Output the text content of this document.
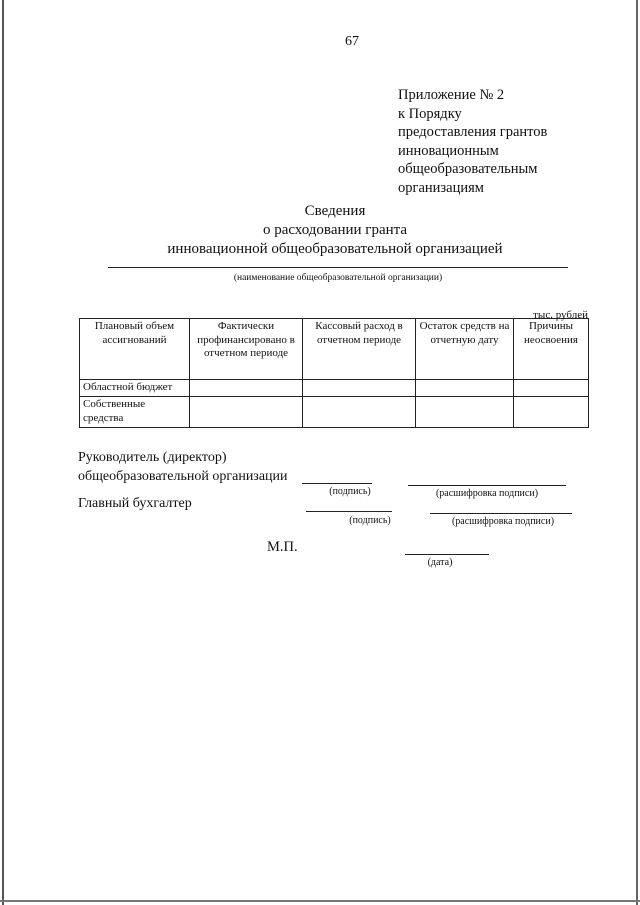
67
Приложение № 2
к Порядку
предоставления грантов
инновационным
общеобразовательным
организациям
Сведения
о расходовании гранта
инновационной общеобразовательной организацией
(наименование общеобразовательной организации)
тыс. рублей
Плановый объем ассигнований	Фактически профинансировано в отчетном периоде	Кассовый расход в отчетном периоде	Остаток средств на отчетную дату	Причины неосвоения
Областной бюджет				
Собственные средства				
Руководитель (директор)
общеобразовательной организации
(подпись)	(расшифровка подписи)
Главный бухгалтер
(подпись)	(расшифровка подписи)
М.П.
(дата)
